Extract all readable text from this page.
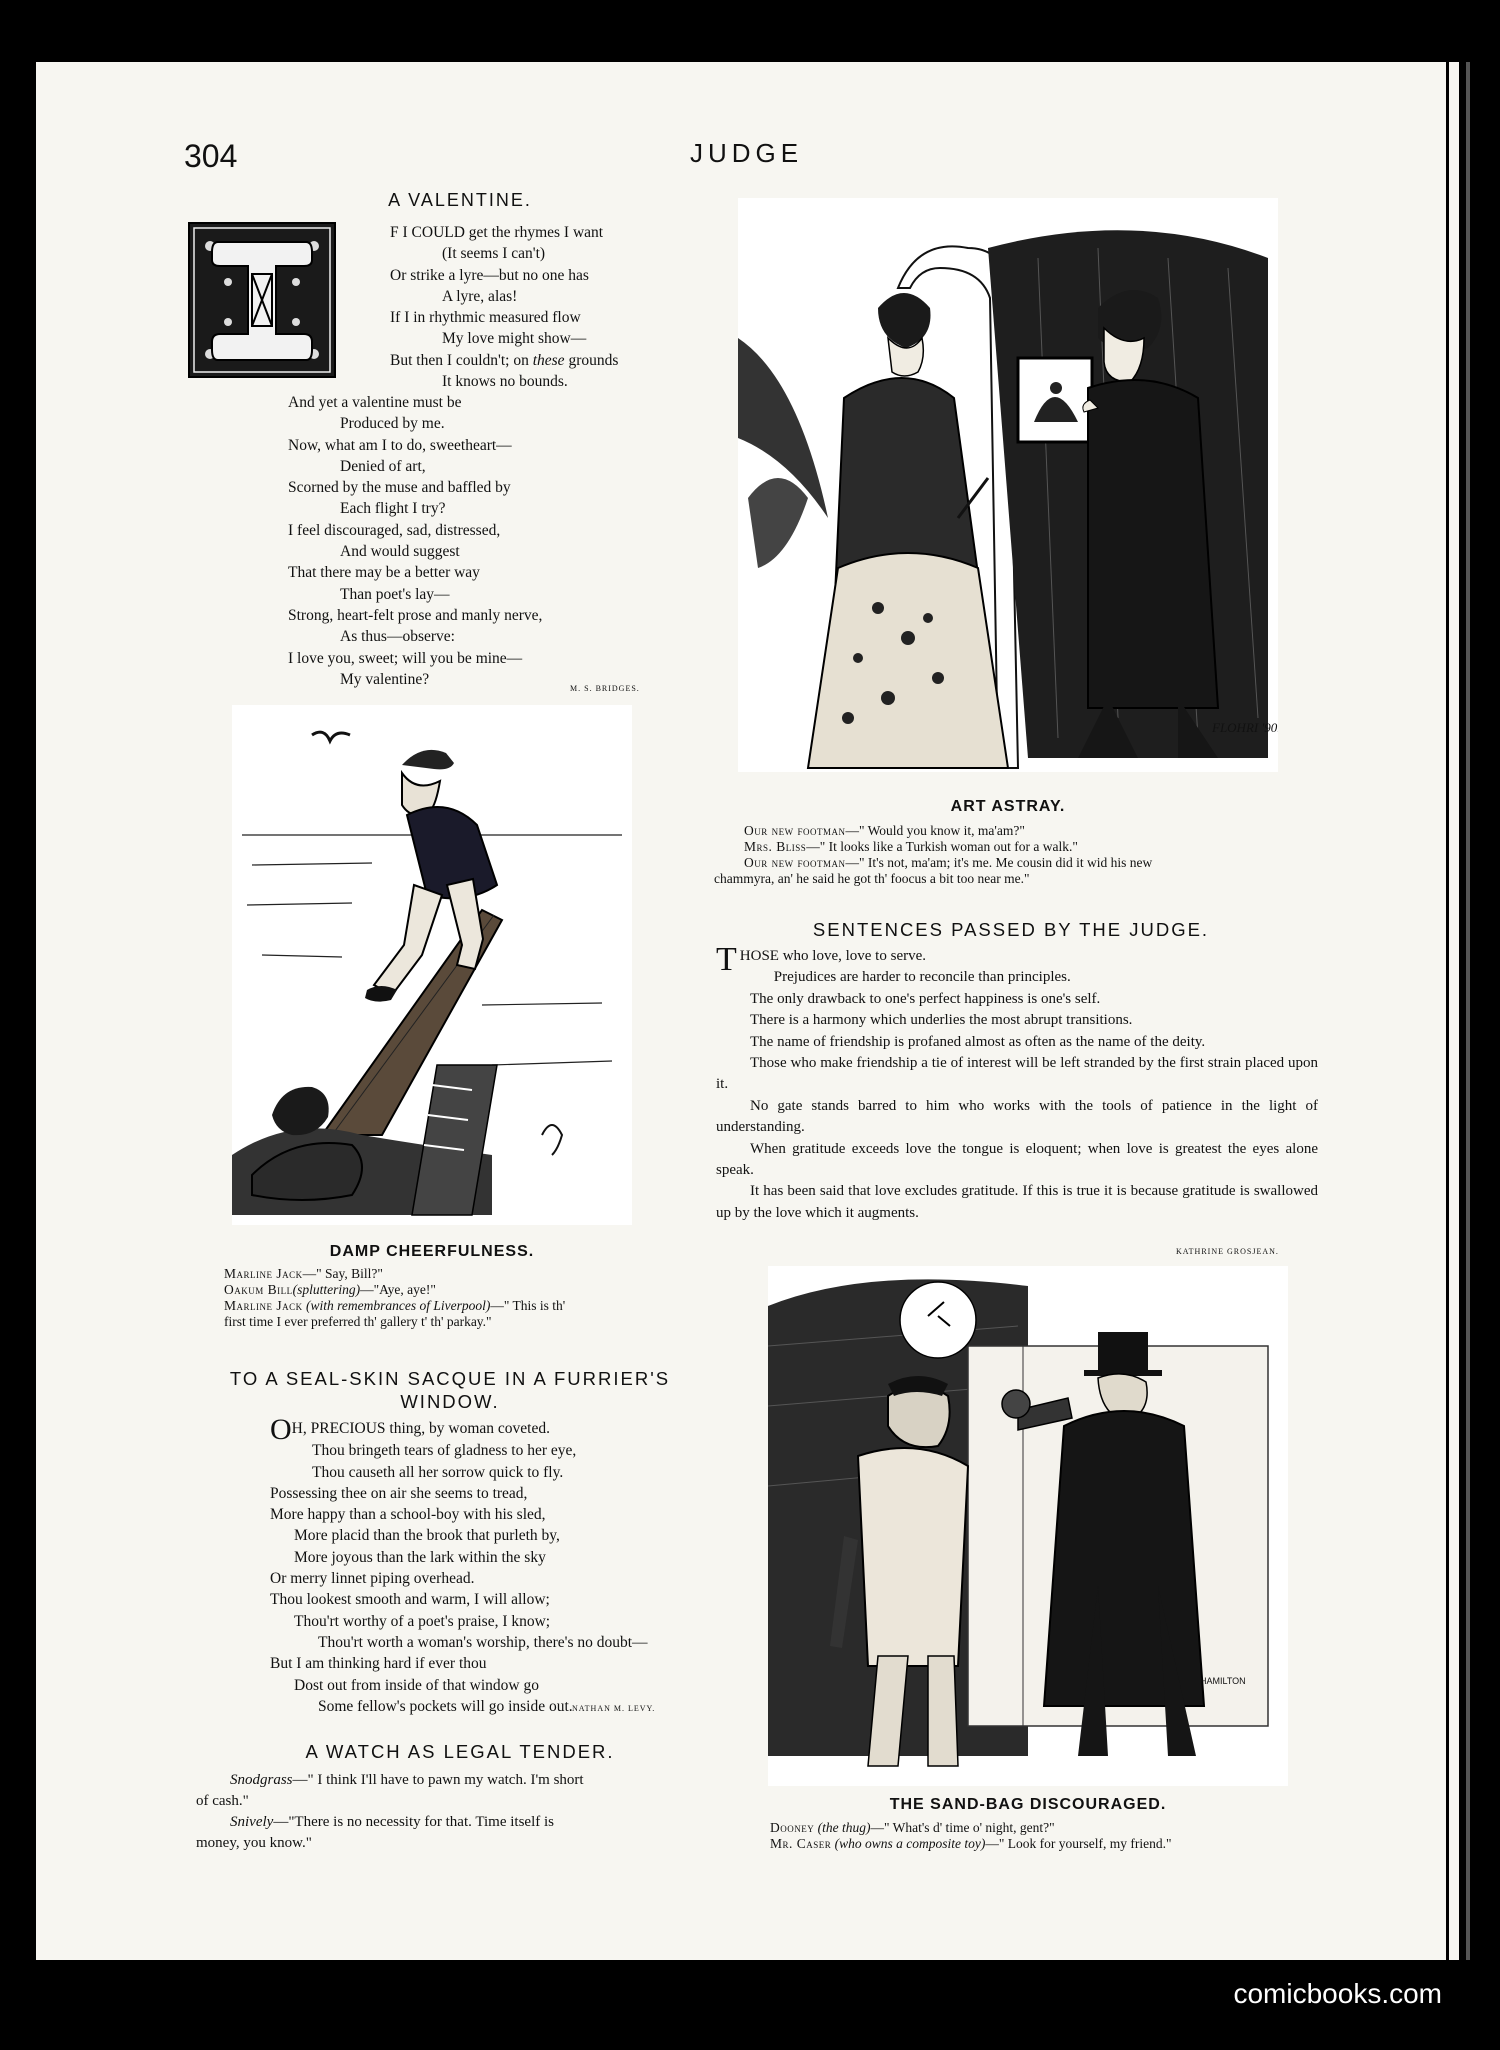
304	JUDGE
A VALENTINE.
F I COULD get the rhymes I want
(It seems I can't)
Or strike a lyre—but no one has
A lyre, alas!
If I in rhythmic measured flow
My love might show—
But then I couldn't; on these grounds
It knows no bounds.
And yet a valentine must be
Produced by me.
Now, what am I to do, sweetheart—
Denied of art,
Scorned by the muse and baffled by
Each flight I try?
I feel discouraged, sad, distressed,
And would suggest
That there may be a better way
Than poet's lay—
Strong, heart-felt prose and manly nerve,
As thus—observe:
I love you, sweet; will you be mine—
My valentine?
M. S. BRIDGES.
DAMP CHEERFULNESS.
Marline Jack—" Say, Bill?"
Oakum Bill(spluttering)—"Aye, aye!"
Marline Jack (with remembrances of Liverpool)—" This is th'
first time I ever preferred th' gallery t' th' parkay."
TO A SEAL-SKIN SACQUE IN A FURRIER'S
WINDOW.
OH, PRECIOUS thing, by woman coveted.
Thou bringeth tears of gladness to her eye,
Thou causeth all her sorrow quick to fly.
Possessing thee on air she seems to tread,
More happy than a school-boy with his sled,
More placid than the brook that purleth by,
More joyous than the lark within the sky
Or merry linnet piping overhead.
Thou lookest smooth and warm, I will allow;
Thou'rt worthy of a poet's praise, I know;
Thou'rt worth a woman's worship, there's no doubt—
But I am thinking hard if ever thou
Dost out from inside of that window go
Some fellow's pockets will go inside out. NATHAN M. LEVY.
A WATCH AS LEGAL TENDER.
Snodgrass—" I think I'll have to pawn my watch. I'm short
of cash."
Snively—"There is no necessity for that. Time itself is
money, you know."
FLOHRI '90.
ART ASTRAY.
Our new footman—" Would you know it, ma'am?"
Mrs. Bliss—" It looks like a Turkish woman out for a walk."
Our new footman—" It's not, ma'am; it's me. Me cousin did it wid his new
chammyra, an' he said he got th' foocus a bit too near me."
SENTENCES PASSED BY THE JUDGE.
THOSE who love, love to serve.
Prejudices are harder to reconcile than principles.
The only drawback to one's perfect happiness is one's self.
There is a harmony which underlies the most abrupt transitions.
The name of friendship is profaned almost as often as the name of the deity.
Those who make friendship a tie of interest will be left stranded by the first strain placed upon it.
No gate stands barred to him who works with the tools of patience in the light of understanding.
When gratitude exceeds love the tongue is eloquent; when love is greatest the eyes alone speak.
It has been said that love excludes gratitude. If this is true it is because gratitude is swallowed up by the love which it augments.
KATHRINE GROSJEAN.
HAMILTON
THE SAND-BAG DISCOURAGED.
Dooney (the thug)—" What's d' time o' night, gent?"
Mr. Caser (who owns a composite toy)—" Look for yourself, my friend."
comicbooks.com
